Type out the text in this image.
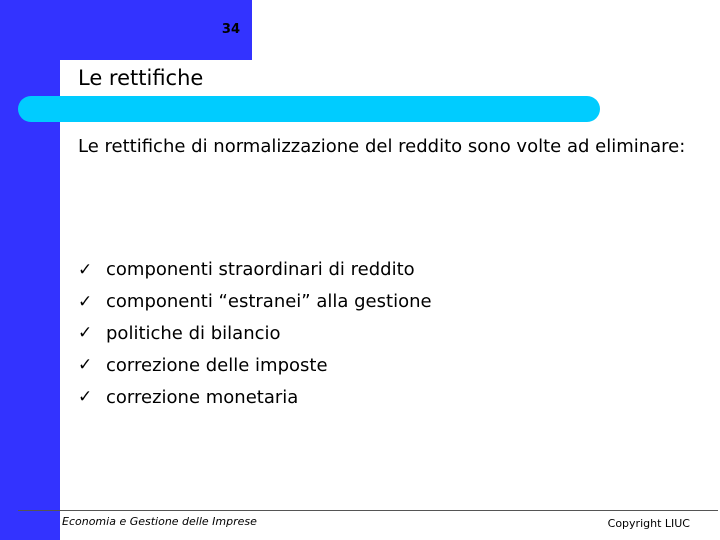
34
Le rettifiche
Le rettifiche di normalizzazione del reddito sono volte ad eliminare:
✓ componenti straordinari di reddito
✓ componenti “estranei” alla gestione
✓ politiche di bilancio
✓ correzione delle imposte
✓ correzione monetaria
Economia e Gestione delle Imprese	Copyright LIUC
